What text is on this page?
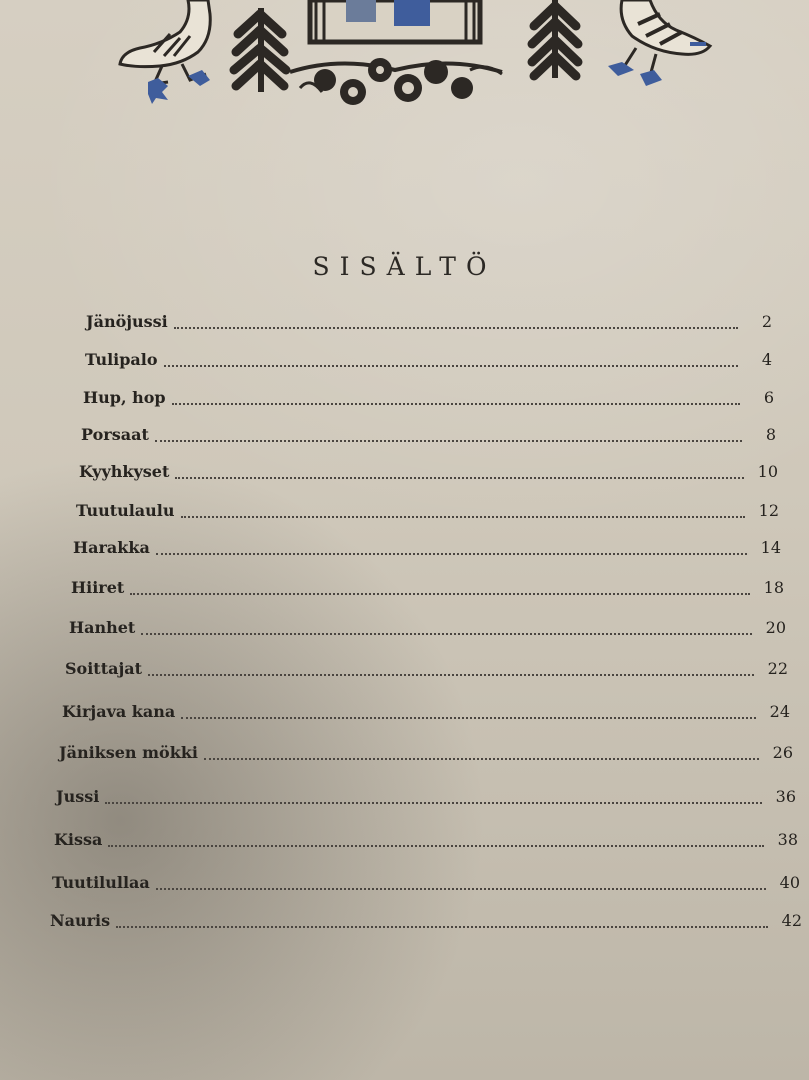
SISÄLTÖ
Jänöjussi	2
Tulipalo	4
Hup, hop	6
Porsaat	8
Kyyhkyset	10
Tuutulaulu	12
Harakka	14
Hiiret	18
Hanhet	20
Soittajat	22
Kirjava kana	24
Jäniksen mökki	26
Jussi	36
Kissa	38
Tuutilullaa	40
Nauris	42
